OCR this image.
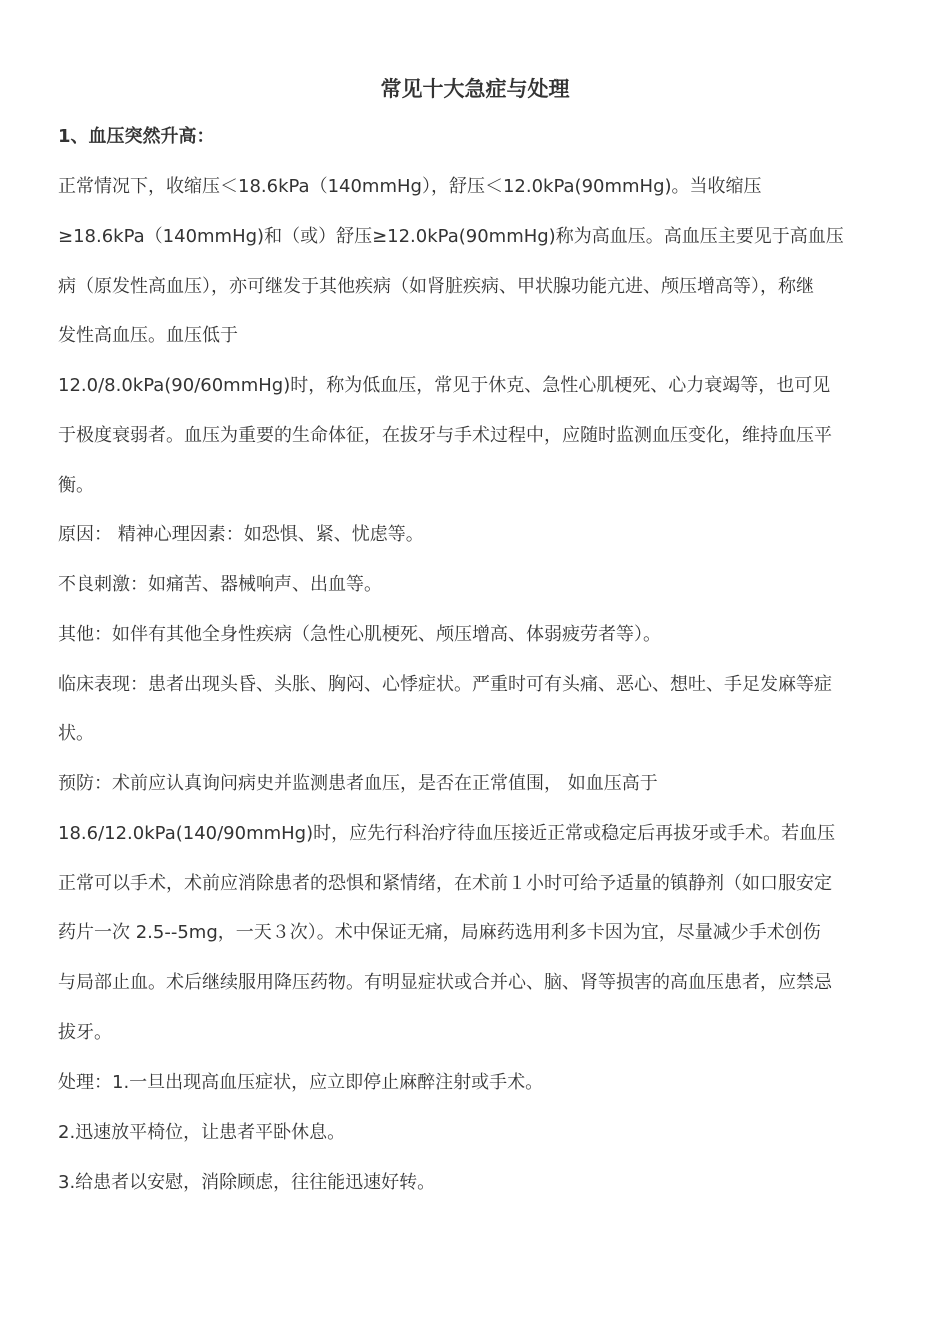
常见十大急症与处理
1、血压突然升高：
正常情况下，收缩压＜18.6kPa（140mmHg），舒压＜12.0kPa(90mmHg)。当收缩压
≥18.6kPa（140mmHg)和（或）舒压≥12.0kPa(90mmHg)称为高血压。高血压主要见于高血压
病（原发性高血压），亦可继发于其他疾病（如肾脏疾病、甲状腺功能亢进、颅压增高等），称继
发性高血压。血压低于
12.0/8.0kPa(90/60mmHg)时，称为低血压，常见于休克、急性心肌梗死、心力衰竭等，也可见
于极度衰弱者。血压为重要的生命体征，在拔牙与手术过程中，应随时监测血压变化，维持血压平
衡。
原因： 精神心理因素：如恐惧、紧、忧虑等。
不良刺激：如痛苦、器械响声、出血等。
其他：如伴有其他全身性疾病（急性心肌梗死、颅压增高、体弱疲劳者等）。
临床表现：患者出现头昏、头胀、胸闷、心悸症状。严重时可有头痛、恶心、想吐、手足发麻等症
状。
预防：术前应认真询问病史并监测患者血压，是否在正常值围， 如血压高于
18.6/12.0kPa(140/90mmHg)时，应先行科治疗待血压接近正常或稳定后再拔牙或手术。若血压
正常可以手术，术前应消除患者的恐惧和紧情绪，在术前１小时可给予适量的镇静剂（如口服安定
药片一次 2.5--5mg，一天３次）。术中保证无痛，局麻药选用利多卡因为宜，尽量减少手术创伤
与局部止血。术后继续服用降压药物。有明显症状或合并心、脑、肾等损害的高血压患者，应禁忌
拔牙。
处理：1.一旦出现高血压症状，应立即停止麻醉注射或手术。
2.迅速放平椅位，让患者平卧休息。
3.给患者以安慰，消除顾虑，往往能迅速好转。
